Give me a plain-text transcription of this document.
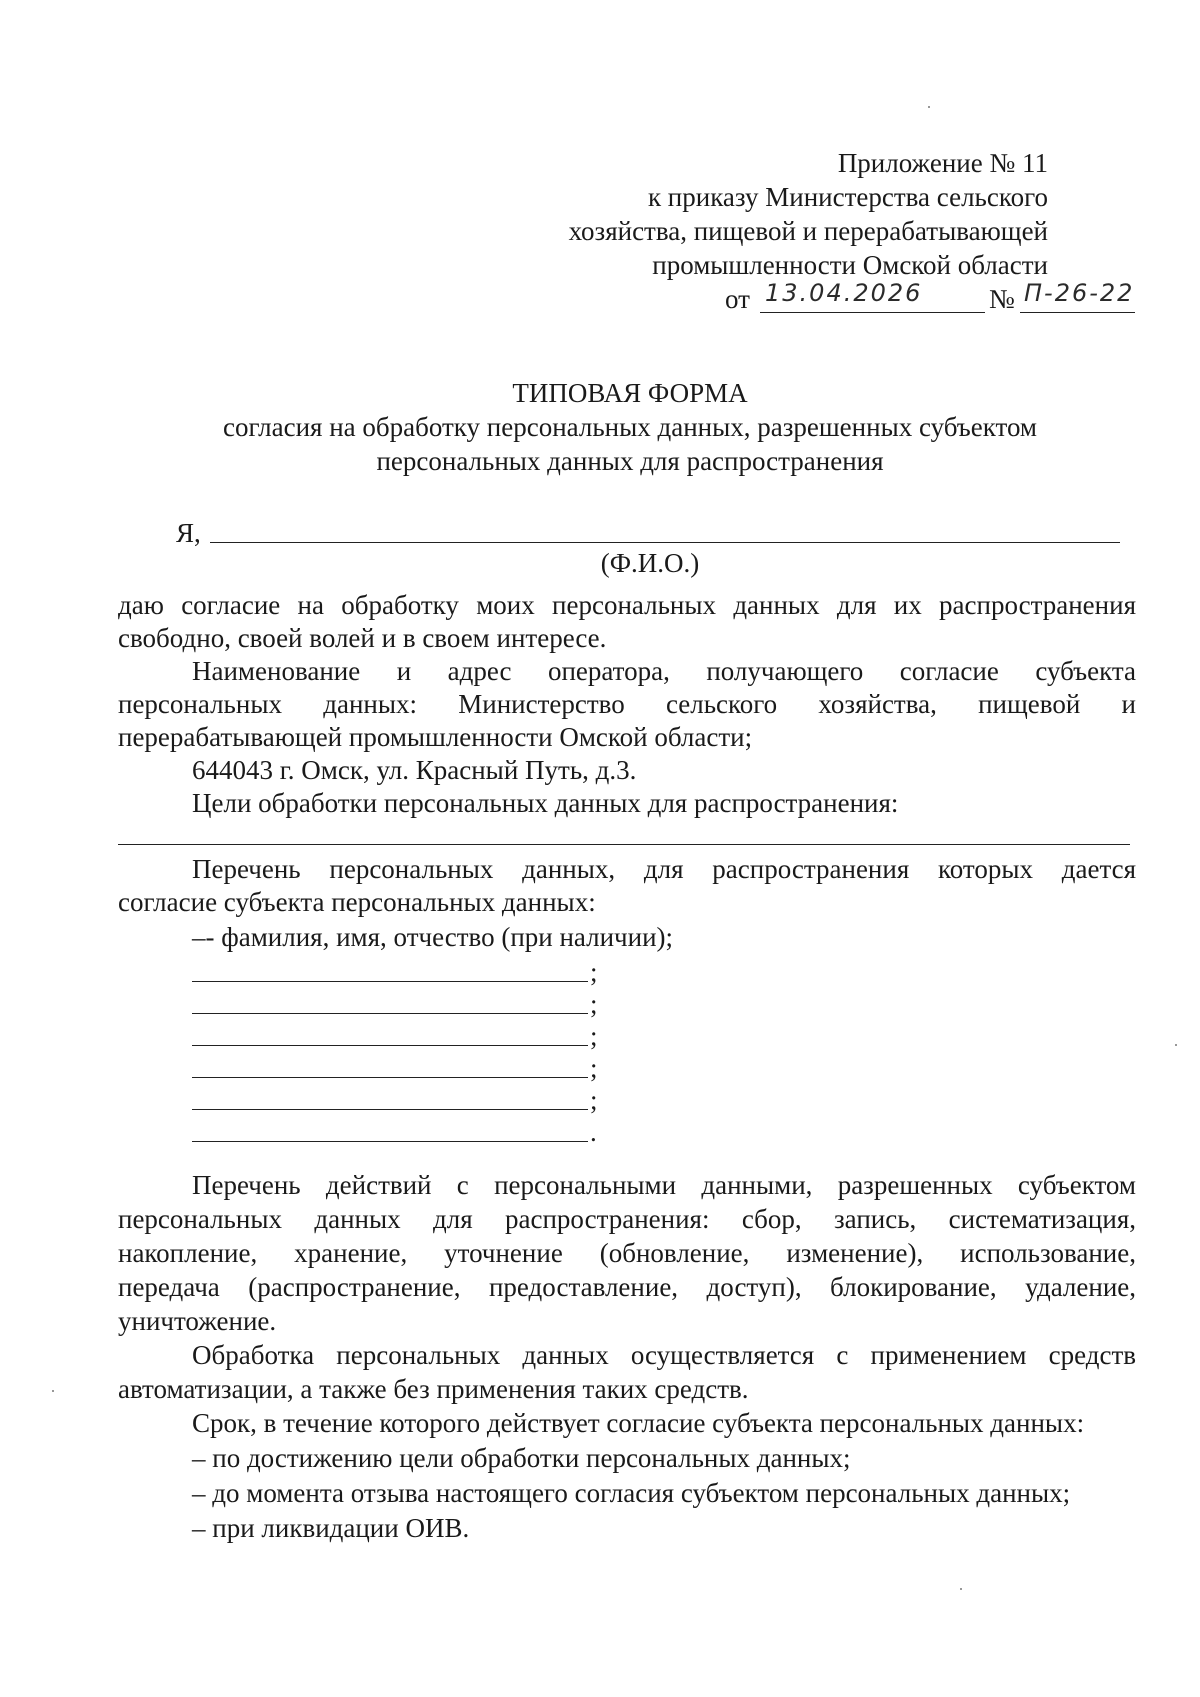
Приложение № 11
к приказу Министерства сельского
хозяйства, пищевой и перерабатывающей
промышленности Омской области
от 13.04.2026 № П-26-22
ТИПОВАЯ ФОРМА
согласия на обработку персональных данных, разрешенных субъектом
персональных данных для распространения
Я,
(Ф.И.О.)
даю согласие на обработку моих персональных данных для их распространения
свободно, своей волей и в своем интересе.
Наименование и адрес оператора, получающего согласие субъекта
персональных данных: Министерство сельского хозяйства, пищевой и
перерабатывающей промышленности Омской области;
644043 г. Омск, ул. Красный Путь, д.3.
Цели обработки персональных данных для распространения:
Перечень персональных данных, для распространения которых дается
согласие субъекта персональных данных:
–- фамилия, имя, отчество (при наличии);
;
;
;
;
;
.
Перечень действий с персональными данными, разрешенных субъектом
персональных данных для распространения: сбор, запись, систематизация,
накопление, хранение, уточнение (обновление, изменение), использование,
передача (распространение, предоставление, доступ), блокирование, удаление,
уничтожение.
Обработка персональных данных осуществляется с применением средств
автоматизации, а также без применения таких средств.
Срок, в течение которого действует согласие субъекта персональных данных:
– по достижению цели обработки персональных данных;
– до момента отзыва настоящего согласия субъектом персональных данных;
– при ликвидации ОИВ.
